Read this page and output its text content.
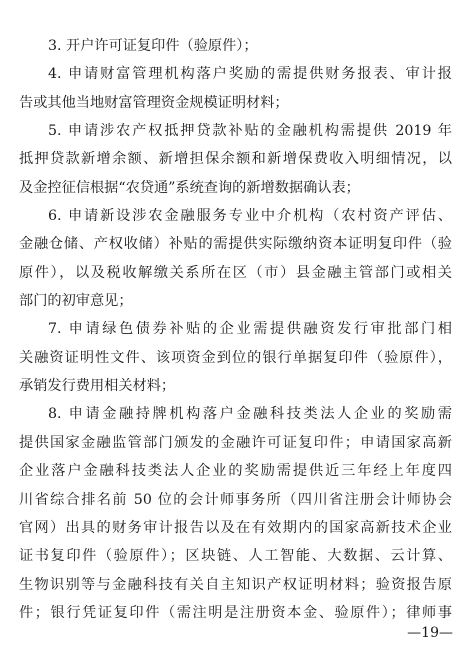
3. 开户许可证复印件（验原件）；
4. 申请财富管理机构落户奖励的需提供财务报表、审计报
告或其他当地财富管理资金规模证明材料；
5. 申请涉农产权抵押贷款补贴的金融机构需提供 2019 年
抵押贷款新增余额、新增担保余额和新增保费收入明细情况，以
及金控征信根据“农贷通”系统查询的新增数据确认表；
6. 申请新设涉农金融服务专业中介机构（农村资产评估、
金融仓储、产权收储）补贴的需提供实际缴纳资本证明复印件（验
原件），以及税收解缴关系所在区（市）县金融主管部门或相关
部门的初审意见；
7. 申请绿色债券补贴的企业需提供融资发行审批部门相
关融资证明性文件、该项资金到位的银行单据复印件（验原件），
承销发行费用相关材料；
8. 申请金融持牌机构落户金融科技类法人企业的奖励需
提供国家金融监管部门颁发的金融许可证复印件；申请国家高新
企业落户金融科技类法人企业的奖励需提供近三年经上年度四
川省综合排名前 50 位的会计师事务所（四川省注册会计师协会
官网）出具的财务审计报告以及在有效期内的国家高新技术企业
证书复印件（验原件）；区块链、人工智能、大数据、云计算、
生物识别等与金融科技有关自主知识产权证明材料；验资报告原
件；银行凭证复印件（需注明是注册资本金、验原件）；律师事
—19—
